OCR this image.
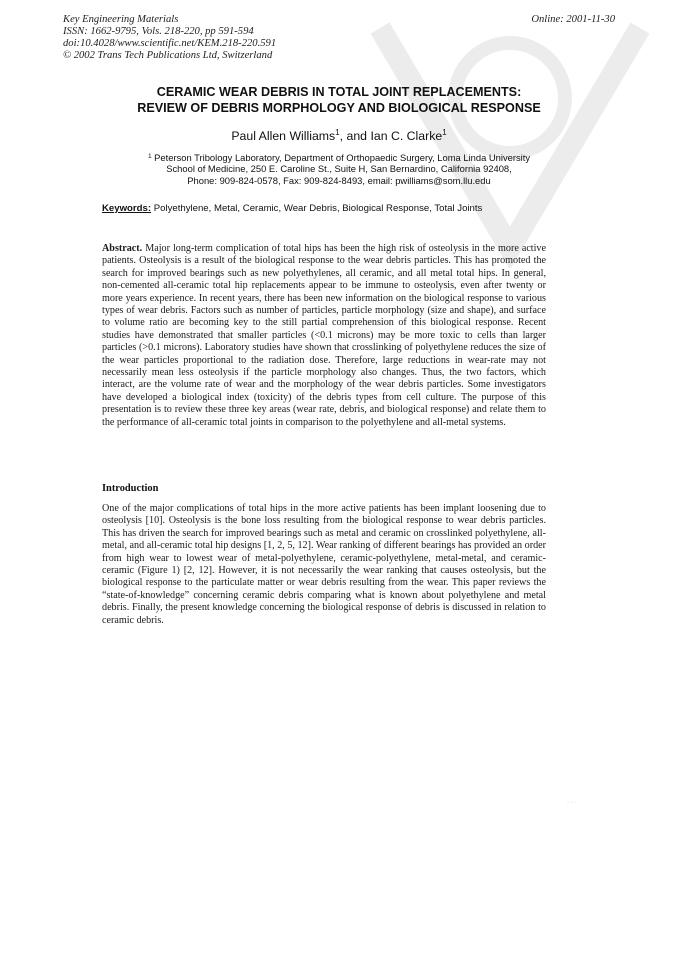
Key Engineering Materials
ISSN: 1662-9795, Vols. 218-220, pp 591-594
doi:10.4028/www.scientific.net/KEM.218-220.591
© 2002 Trans Tech Publications Ltd, Switzerland
Online: 2001-11-30
CERAMIC WEAR DEBRIS IN TOTAL JOINT REPLACEMENTS:
REVIEW OF DEBRIS MORPHOLOGY AND BIOLOGICAL RESPONSE
Paul Allen Williams$^1$, and Ian C. Clarke$^1$
$^1$ Peterson Tribology Laboratory, Department of Orthopaedic Surgery, Loma Linda University
School of Medicine, 250 E. Caroline St., Suite H, San Bernardino, California 92408,
Phone: 909-824-0578, Fax: 909-824-8493, email: pwilliams@som.llu.edu
Keywords: Polyethylene, Metal, Ceramic, Wear Debris, Biological Response, Total Joints
Abstract. Major long-term complication of total hips has been the high risk of osteolysis in the more active patients. Osteolysis is a result of the biological response to the wear debris particles. This has promoted the search for improved bearings such as new polyethylenes, all ceramic, and all metal total hips. In general, non-cemented all-ceramic total hip replacements appear to be immune to osteolysis, even after twenty or more years experience. In recent years, there has been new information on the biological response to various types of wear debris. Factors such as number of particles, particle morphology (size and shape), and surface to volume ratio are becoming key to the still partial comprehension of this biological response. Recent studies have demonstrated that smaller particles (<0.1 microns) may be more toxic to cells than larger particles (>0.1 microns). Laboratory studies have shown that crosslinking of polyethylene reduces the size of the wear particles proportional to the radiation dose. Therefore, large reductions in wear-rate may not necessarily mean less osteolysis if the particle morphology also changes. Thus, the two factors, which interact, are the volume rate of wear and the morphology of the wear debris particles. Some investigators have developed a biological index (toxicity) of the debris types from cell culture. The purpose of this presentation is to review these three key areas (wear rate, debris, and biological response) and relate them to the performance of all-ceramic total joints in comparison to the polyethylene and all-metal systems.
Introduction
One of the major complications of total hips in the more active patients has been implant loosening due to osteolysis [10]. Osteolysis is the bone loss resulting from the biological response to wear debris particles. This has driven the search for improved bearings such as metal and ceramic on crosslinked polyethylene, all-metal, and all-ceramic total hip designs [1, 2, 5, 12]. Wear ranking of different bearings has provided an order from high wear to lowest wear of metal-polyethylene, ceramic-polyethylene, metal-metal, and ceramic-ceramic (Figure 1) [2, 12]. However, it is not necessarily the wear ranking that causes osteolysis, but the biological response to the particulate matter or wear debris resulting from the wear. This paper reviews the “state-of-knowledge” concerning ceramic debris comparing what is known about polyethylene and metal debris. Finally, the present knowledge concerning the biological response of debris is discussed in relation to ceramic debris.
· · ·
